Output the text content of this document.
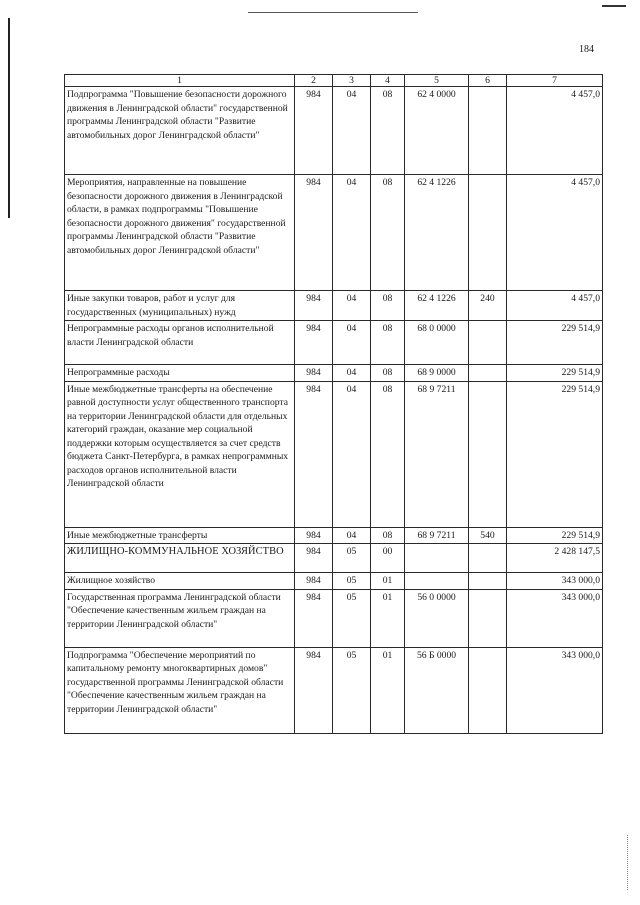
184
1	2	3	4	5	6	7
Подпрограмма "Повышение безопасности дорожного движения в Ленинградской области" государственной программы Ленинградской области "Развитие автомобильных дорог Ленинградской области"	984	04	08	62 4 0000		4 457,0
Мероприятия, направленные на повышение безопасности дорожного движения в Ленинградской области, в рамках подпрограммы "Повышение безопасности дорожного движения" государственной программы Ленинградской области "Развитие автомобильных дорог Ленинградской области"	984	04	08	62 4 1226		4 457,0
Иные закупки товаров, работ и услуг для государственных (муниципальных) нужд	984	04	08	62 4 1226	240	4 457,0
Непрограммные расходы органов исполнительной власти Ленинградской области	984	04	08	68 0 0000		229 514,9
Непрограммные расходы	984	04	08	68 9 0000		229 514,9
Иные межбюджетные трансферты на обеспечение равной доступности услуг общественного транспорта на территории Ленинградской области для отдельных категорий граждан, оказание мер социальной поддержки которым осуществляется за счет средств бюджета Санкт-Петербурга, в рамках непрограммных расходов органов исполнительной власти Ленинградской области	984	04	08	68 9 7211		229 514,9
Иные межбюджетные трансферты	984	04	08	68 9 7211	540	229 514,9
ЖИЛИЩНО-КОММУНАЛЬНОЕ ХОЗЯЙСТВО	984	05	00			2 428 147,5
Жилищное хозяйство	984	05	01			343 000,0
Государственная программа Ленинградской области "Обеспечение качественным жильем граждан на территории Ленинградской области"	984	05	01	56 0 0000		343 000,0
Подпрограмма "Обеспечение мероприятий по капитальному ремонту многоквартирных домов" государственной программы Ленинградской области "Обеспечение качественным жильем граждан на территории Ленинградской области"	984	05	01	56 Б 0000		343 000,0
